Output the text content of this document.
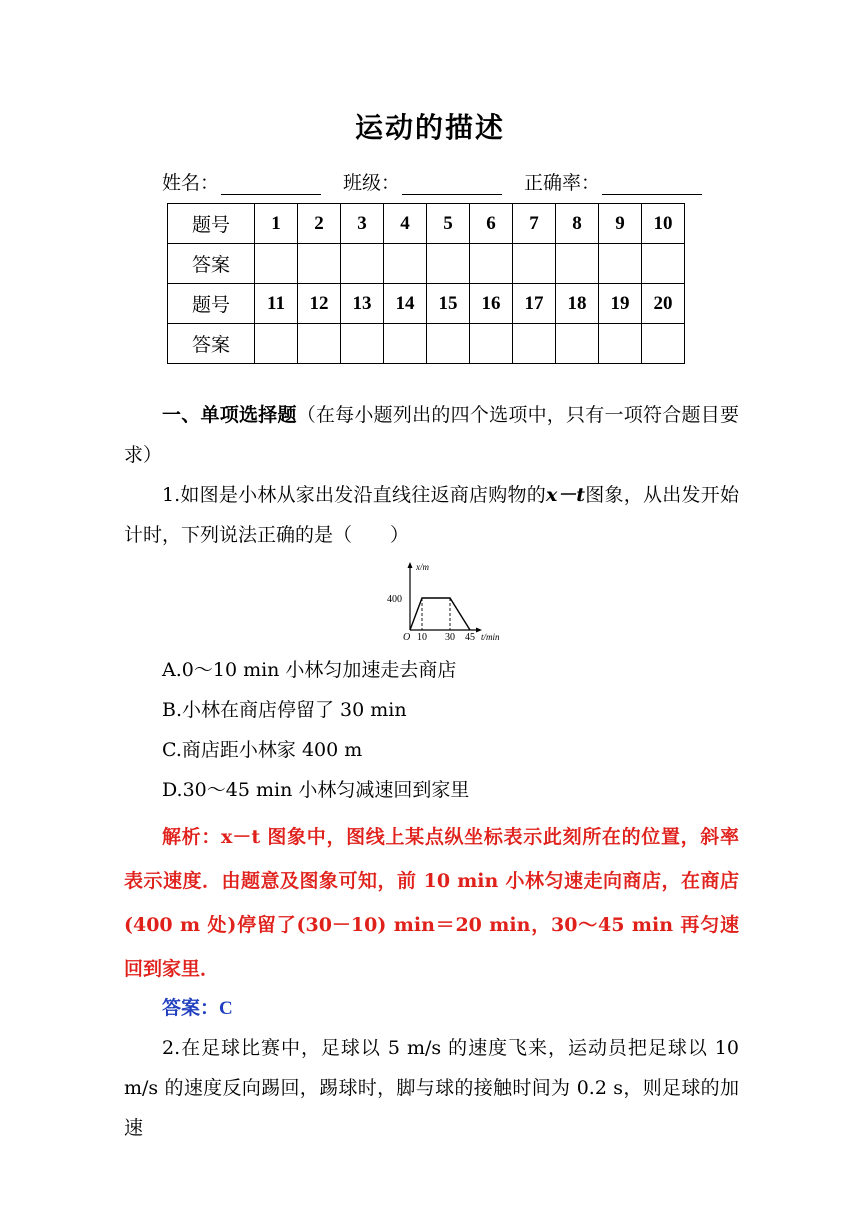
运动的描述
姓名：	班级：	正确率：
题号	1	2	3	4	5	6	7	8	9	10
答案										
题号	11	12	13	14	15	16	17	18	19	20
答案										
一、单项选择题（在每小题列出的四个选项中，只有一项符合题目要求）
1.如图是小林从家出发沿直线往返商店购物的x－t图象，从出发开始计时，下列说法正确的是（　　）
x/m
400
O 10 30 45 t/min
A.0～10 min 小林匀加速走去商店
B.小林在商店停留了 30 min
C.商店距小林家 400 m
D.30～45 min 小林匀减速回到家里
解析：x－t 图象中，图线上某点纵坐标表示此刻所在的位置，斜率表示速度．由题意及图象可知，前 10 min 小林匀速走向商店，在商店(400 m 处)停留了(30－10) min＝20 min，30～45 min 再匀速回到家里．
答案：C
2.在足球比赛中，足球以 5 m/s 的速度飞来，运动员把足球以 10 m/s 的速度反向踢回，踢球时，脚与球的接触时间为 0.2 s，则足球的加速
